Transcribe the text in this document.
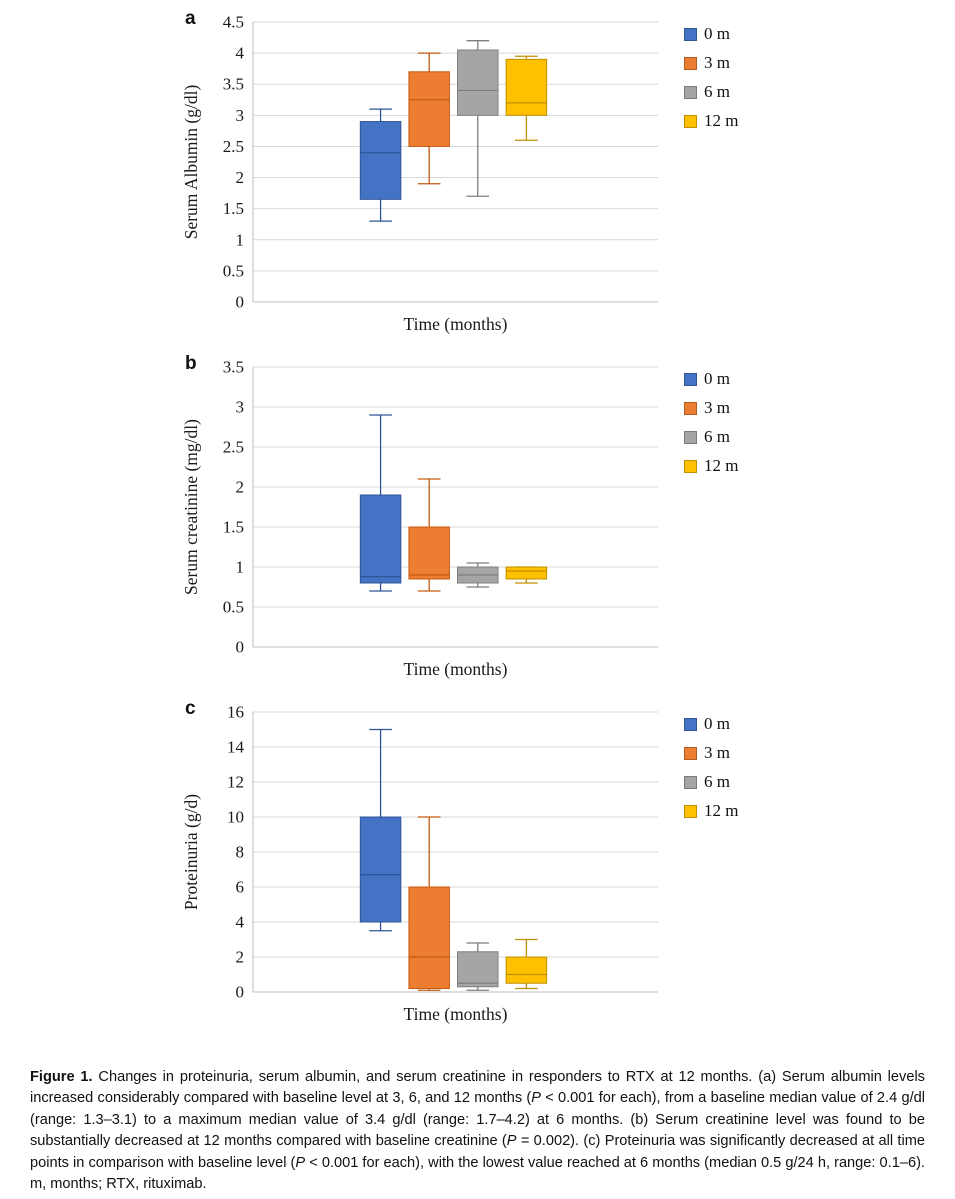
a
0
0.5
1
1.5
2
2.5
3
3.5
4
4.5
Serum Albumin (g/dl)
Time (months)
0 m
3 m
6 m
12 m
b
0
0.5
1
1.5
2
2.5
3
3.5
Serum creatinine (mg/dl)
Time (months)
0 m
3 m
6 m
12 m
c
0
2
4
6
8
10
12
14
16
Proteinuria (g/d)
Time (months)
0 m
3 m
6 m
12 m

Figure 1. Changes in proteinuria, serum albumin, and serum creatinine in responders to RTX at 12 months. (a) Serum albumin levels increased considerably compared with baseline level at 3, 6, and 12 months (P < 0.001 for each), from a baseline median value of 2.4 g/dl (range: 1.3–3.1) to a maximum median value of 3.4 g/dl (range: 1.7–4.2) at 6 months. (b) Serum creatinine level was found to be substantially decreased at 12 months compared with baseline creatinine (P = 0.002). (c) Proteinuria was significantly decreased at all time points in comparison with baseline level (P < 0.001 for each), with the lowest value reached at 6 months (median 0.5 g/24 h, range: 0.1–6). m, months; RTX, rituximab.
